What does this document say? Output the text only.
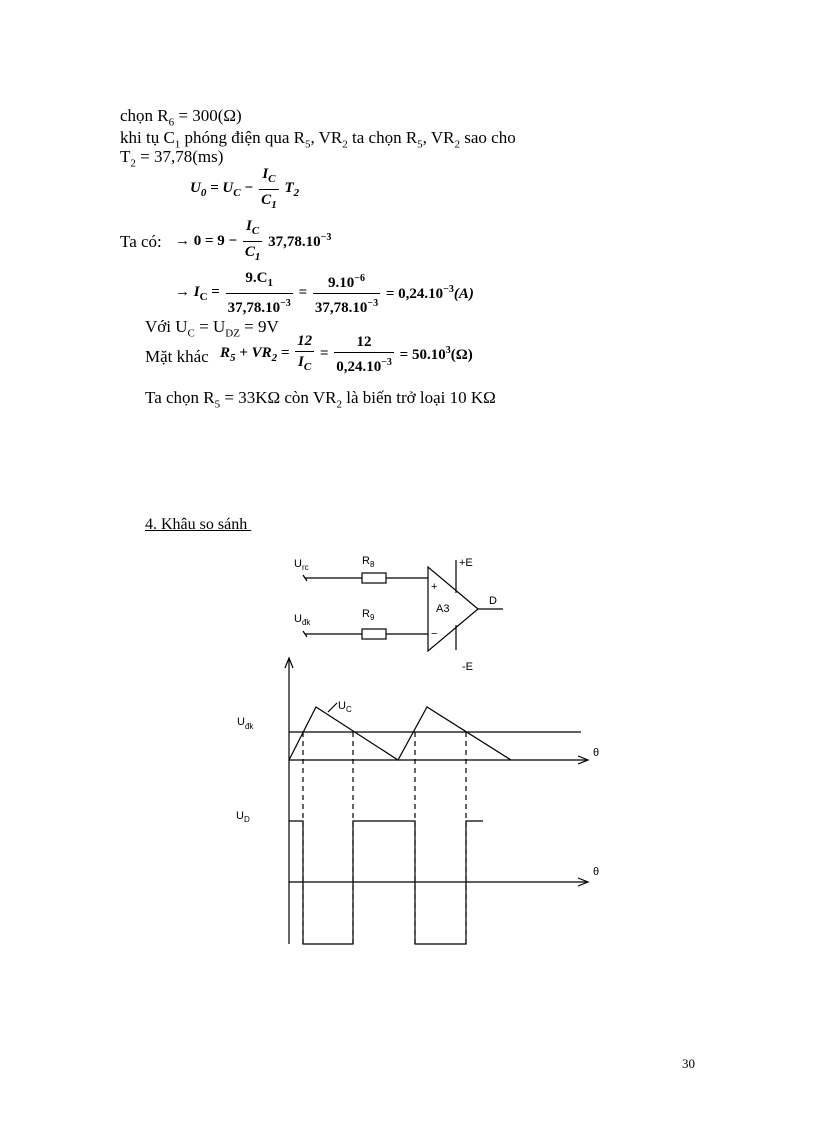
chọn $R_6 = 300(\Omega)$
khi tụ $C_1$ phóng điện qua $R_5$, $VR_2$ ta chọn $R_5$, $VR_2$ sao cho
$T_2 = 37,78(ms)$
$U_0 = U_C - \frac{I_C}{C_1} T_2$
Ta có: → $0 = 9 - \frac{I_C}{C_1} 37,78.10^{-3}$
→ $I_C = \frac{9.C_1}{37,78.10^{-3}} = \frac{9.10^{-6}}{37,78.10^{-3}} = 0,24.10^{-3}(A)$
Với $U_C = U_{DZ} = 9V$
Mặt khác $R_5 + VR_2 = \frac{12}{I_C} = \frac{12}{0,24.10^{-3}} = 50.10^3(\Omega)$
Ta chọn $R_5 = 33K\Omega$ còn $VR_2$ là biến trở loại 10 KΩ
4. Khâu so sánh
$U_{rc}$
$U_{đk}$
$R_8$
$R_9$
+E
-E
A3
D
+
−
$U_C$
$U_{đk}$
$U_D$
θ
θ
30
